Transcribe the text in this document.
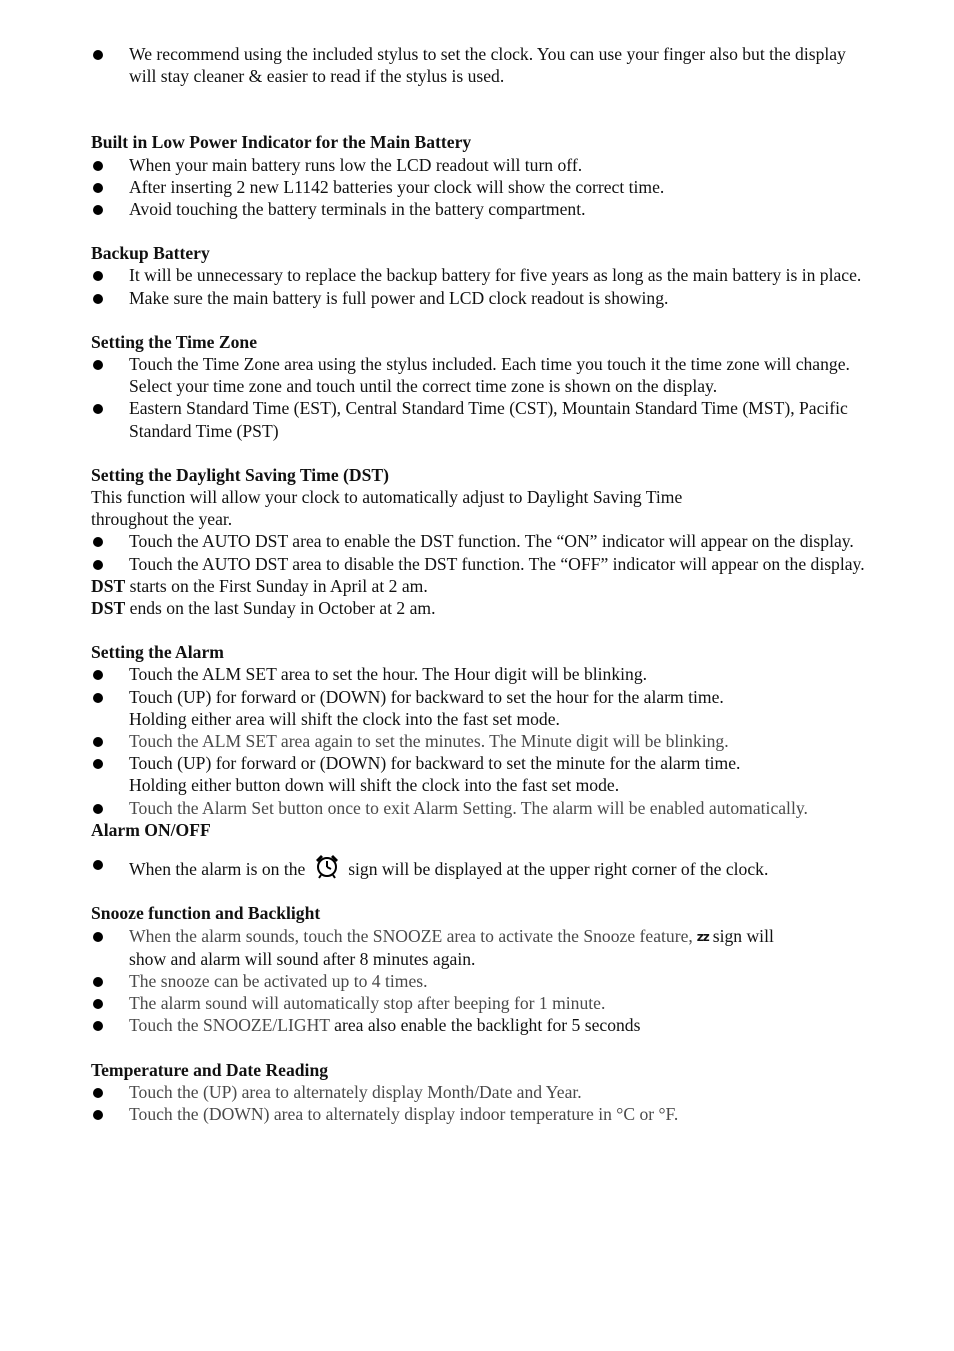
We recommend using the included stylus to set the clock. You can use your finger also but the display will stay cleaner & easier to read if the stylus is used.
Built in Low Power Indicator for the Main Battery
When your main battery runs low the LCD readout will turn off.
After inserting 2 new L1142 batteries your clock will show the correct time.
Avoid touching the battery terminals in the battery compartment.
Backup Battery
It will be unnecessary to replace the backup battery for five years as long as the main battery is in place.
Make sure the main battery is full power and LCD clock readout is showing.
Setting the Time Zone
Touch the Time Zone area using the stylus included. Each time you touch it the time zone will change. Select your time zone and touch until the correct time zone is shown on the display.
Eastern Standard Time (EST), Central Standard Time (CST), Mountain Standard Time (MST), Pacific Standard Time (PST)
Setting the Daylight Saving Time (DST)
This function will allow your clock to automatically adjust to Daylight Saving Time
throughout the year.
Touch the AUTO DST area to enable the DST function. The “ON” indicator will appear on the display.
Touch the AUTO DST area to disable the DST function. The “OFF” indicator will appear on the display.
DST starts on the First Sunday in April at 2 am.
DST ends on the last Sunday in October at 2 am.
Setting the Alarm
Touch the ALM SET area to set the hour. The Hour digit will be blinking.
Touch (UP) for forward or (DOWN) for backward to set the hour for the alarm time.
Holding either area will shift the clock into the fast set mode.
Touch the ALM SET area again to set the minutes. The Minute digit will be blinking.
Touch (UP) for forward or (DOWN) for backward to set the minute for the alarm time.
Holding either button down will shift the clock into the fast set mode.
Touch the Alarm Set button once to exit Alarm Setting. The alarm will be enabled automatically.
Alarm ON/OFF
When the alarm is on the sign will be displayed at the upper right corner of the clock.
Snooze function and Backlight
When the alarm sounds, touch the SNOOZE area to activate the Snooze feature, zz sign will
show and alarm will sound after 8 minutes again.
The snooze can be activated up to 4 times.
The alarm sound will automatically stop after beeping for 1 minute.
Touch the SNOOZE/LIGHT area also enable the backlight for 5 seconds
Temperature and Date Reading
Touch the (UP) area to alternately display Month/Date and Year.
Touch the (DOWN) area to alternately display indoor temperature in °C or °F.
